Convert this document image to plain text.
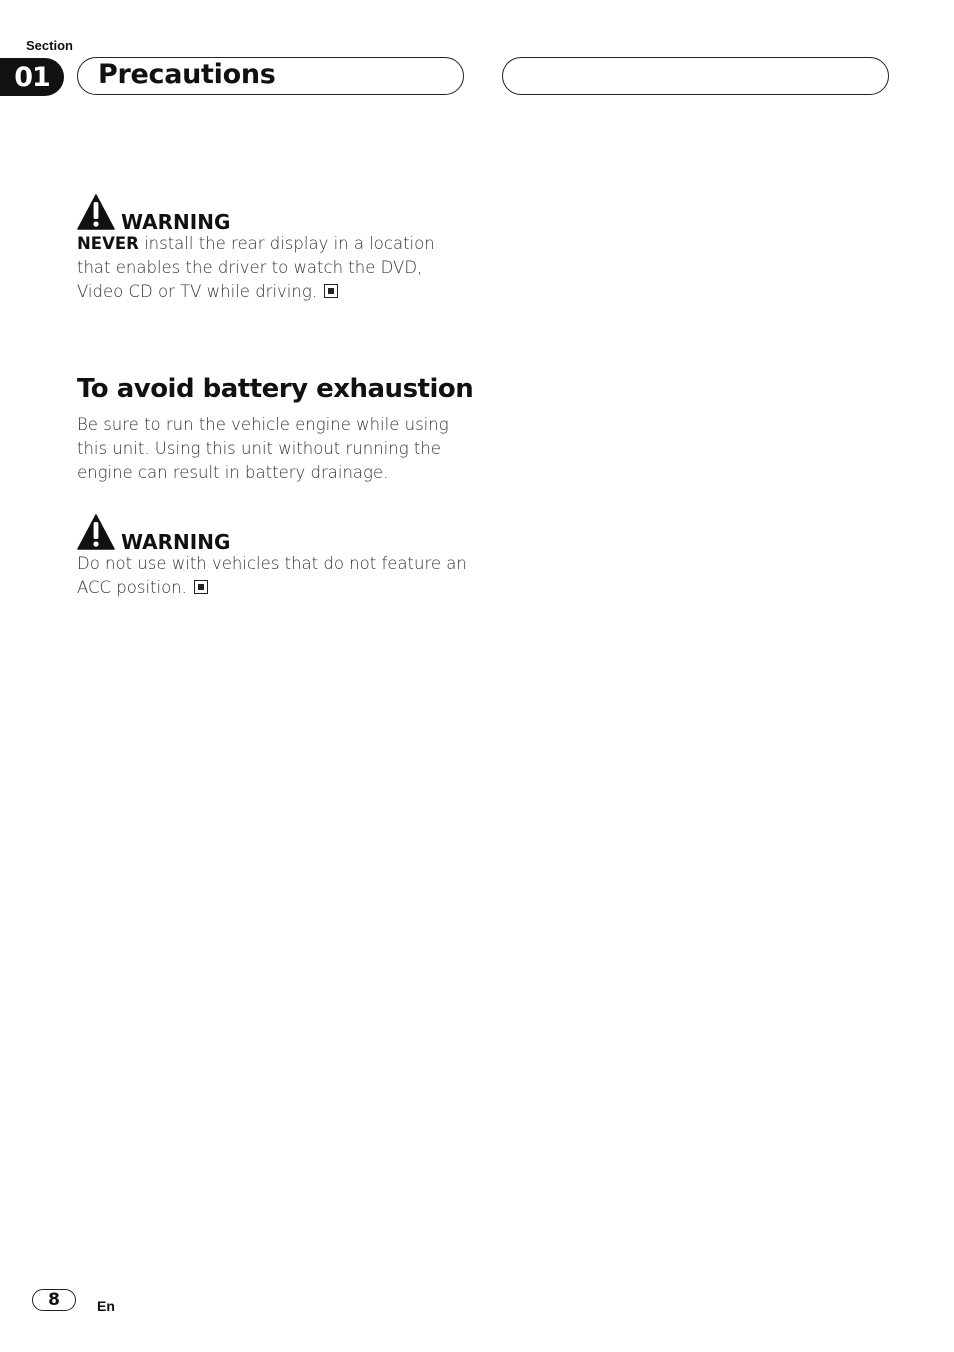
Section
01	Precautions
WARNING

NEVER install the rear display in a location that enables the driver to watch the DVD, Video CD or TV while driving.

To avoid battery exhaustion

Be sure to run the vehicle engine while using this unit. Using this unit without running the engine can result in battery drainage.

WARNING

Do not use with vehicles that do not feature an ACC position.

8	En
